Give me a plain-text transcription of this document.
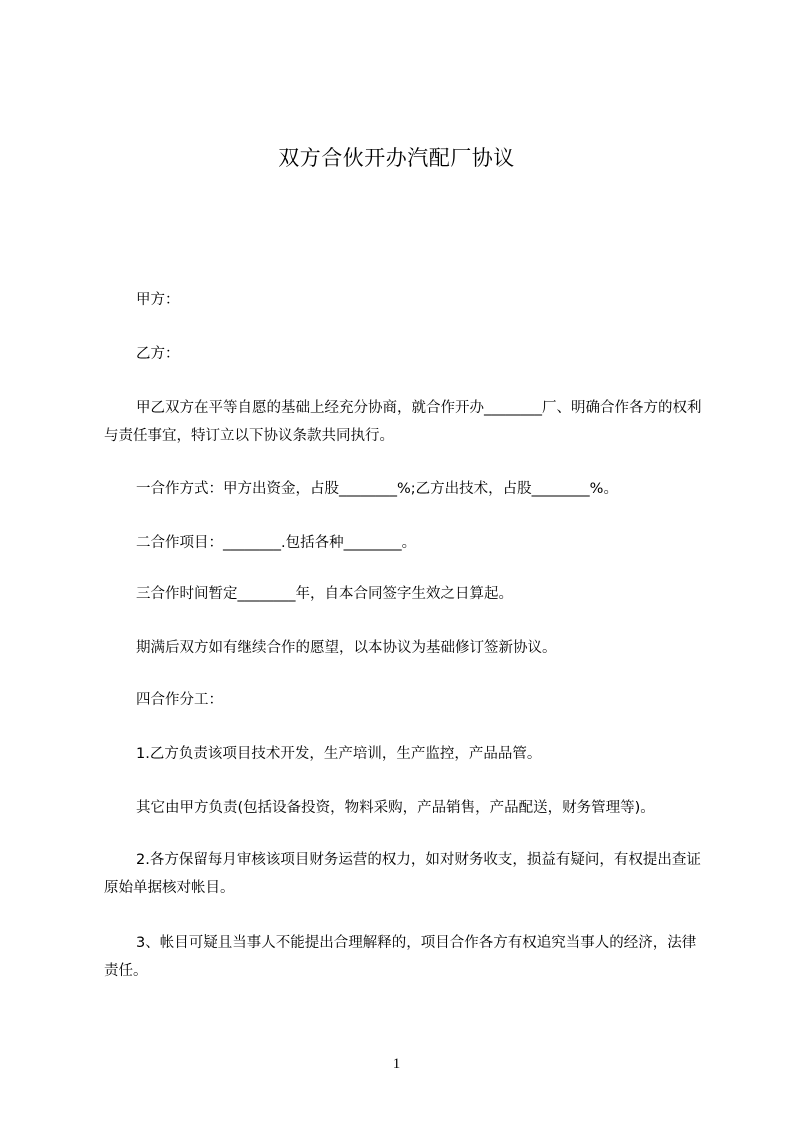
双方合伙开办汽配厂协议

甲方：

乙方：

甲乙双方在平等自愿的基础上经充分协商，就合作开办________厂、明确合作各方的权利与责任事宜，特订立以下协议条款共同执行。

一合作方式：甲方出资金，占股________%;乙方出技术，占股________%。

二合作项目：________.包括各种________。

三合作时间暂定________年，自本合同签字生效之日算起。

期满后双方如有继续合作的愿望，以本协议为基础修订签新协议。

四合作分工：

1.乙方负责该项目技术开发，生产培训，生产监控，产品品管。

其它由甲方负责(包括设备投资，物料采购，产品销售，产品配送，财务管理等)。

2.各方保留每月审核该项目财务运营的权力，如对财务收支，损益有疑问，有权提出查证原始单据核对帐目。

3、帐目可疑且当事人不能提出合理解释的，项目合作各方有权追究当事人的经济，法律责任。

1
